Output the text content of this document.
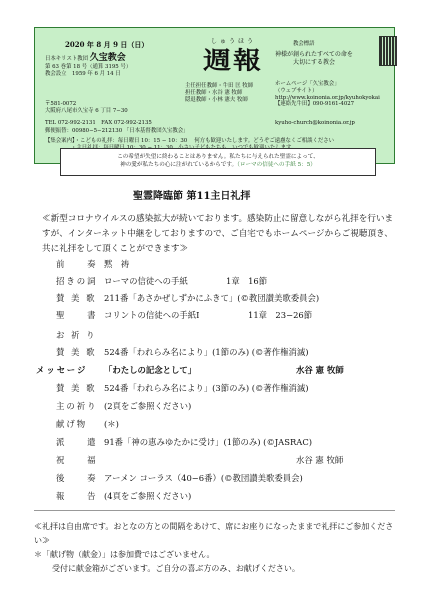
2020 年 8 月 9 日（日）
日本キリスト教団 久宝教会
第 63 巻第 18 号（通算 3195 号）
教会設立　1959 年 6 月 14 日
〒581-0072
大阪府八尾市久宝寺 6 丁目 7−30
しゅうほう
週報
主任担任教師・牛田 匡 牧師
担任教師・水谷 憲 牧師
隠退教師・小林 憲夫 牧師
教会標語
神様が創られたすべての命を
大切にする教会
ホームページ「久宝教会」
（ウェブサイト）
http://www.koinonia.or.jp/kyuhokyokai
【連絡先牛田】090-9161-4027
kyuho-church@koinonia.or.jp
TEL 072-992-2131　FAX 072-992-2135
郵便振替：00980−5−212130 「日本基督教団久宝教会」
【集会案内】・こどもの礼拝：毎日曜日 10：15 − 10：30　 何方も歓迎いたします。どうぞご遠慮なくご相談ください
この希望が失望に終わることはありません。私たちに与えられた聖霊によって、
神の愛が私たちの心に注がれているからです。（ローマの信徒への手紙 5：5）
聖霊降臨節 第11主日礼拝
≪新型コロナウイルスの感染拡大が続いております。感染防止に留意しながら礼拝を行いますが、インターネット中継をしておりますので、ご自宅でもホームページからご視聴頂き、共に礼拝をして頂くことができます≫
前　　奏 黙　祷
招きの詞 ローマの信徒への手紙	1章　16節
賛 美 歌 211番「あさかぜしずかにふきて」(©教団讃美歌委員会)
聖　　書 コリントの信徒への手紙Ⅰ	11章　23−26節
お 祈 り
賛 美 歌 524番「われらみ名により」(1節のみ) (©著作権消滅)
メッセージ 「わたしの記念として」	水谷 憲 牧師
賛 美 歌 524番「われらみ名により」(3節のみ) (©著作権消滅)
主の祈り (2頁をご参照ください)
献げ物 (＊)
派　　遣 91番「神の恵みゆたかに受け」(1節のみ) (©JASRAC)
祝　　福	水谷 憲 牧師
後　　奏 アーメン コーラス（40−6番）(©教団讃美歌委員会)
報　　告 (4頁をご参照ください)

≪礼拝は自由席です。おとなの方との間隔をあけて、席にお座りになったままで礼拝にご参加ください≫

＊「献げ物（献金）」は参加費ではございません。

受付に献金箱がございます。ご自分の喜ぶ方のみ、お献げください。
